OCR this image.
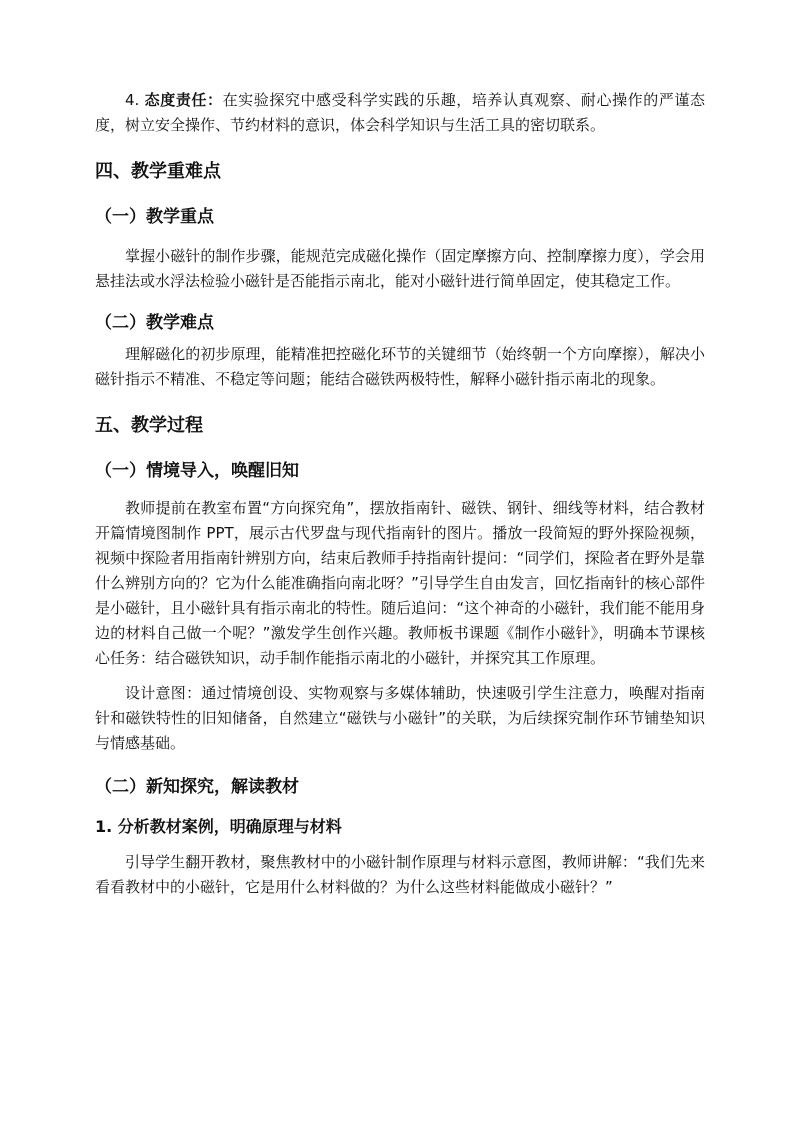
4. 态度责任：在实验探究中感受科学实践的乐趣，培养认真观察、耐心操作的严谨态度，树立安全操作、节约材料的意识，体会科学知识与生活工具的密切联系。

四、教学重难点
（一）教学重点

掌握小磁针的制作步骤，能规范完成磁化操作（固定摩擦方向、控制摩擦力度），学会用悬挂法或水浮法检验小磁针是否能指示南北，能对小磁针进行简单固定，使其稳定工作。

（二）教学难点

理解磁化的初步原理，能精准把控磁化环节的关键细节（始终朝一个方向摩擦），解决小磁针指示不精准、不稳定等问题；能结合磁铁两极特性，解释小磁针指示南北的现象。

五、教学过程
（一）情境导入，唤醒旧知

教师提前在教室布置“方向探究角”，摆放指南针、磁铁、钢针、细线等材料，结合教材开篇情境图制作 PPT，展示古代罗盘与现代指南针的图片。播放一段简短的野外探险视频，视频中探险者用指南针辨别方向，结束后教师手持指南针提问：“同学们，探险者在野外是靠什么辨别方向的？它为什么能准确指向南北呀？”引导学生自由发言，回忆指南针的核心部件是小磁针，且小磁针具有指示南北的特性。随后追问：“这个神奇的小磁针，我们能不能用身边的材料自己做一个呢？”激发学生创作兴趣。教师板书课题《制作小磁针》，明确本节课核心任务：结合磁铁知识，动手制作能指示南北的小磁针，并探究其工作原理。

设计意图：通过情境创设、实物观察与多媒体辅助，快速吸引学生注意力，唤醒对指南针和磁铁特性的旧知储备，自然建立“磁铁与小磁针”的关联，为后续探究制作环节铺垫知识与情感基础。

（二）新知探究，解读教材
1. 分析教材案例，明确原理与材料

引导学生翻开教材，聚焦教材中的小磁针制作原理与材料示意图，教师讲解：“我们先来看看教材中的小磁针，它是用什么材料做的？为什么这些材料能做成小磁针？”
